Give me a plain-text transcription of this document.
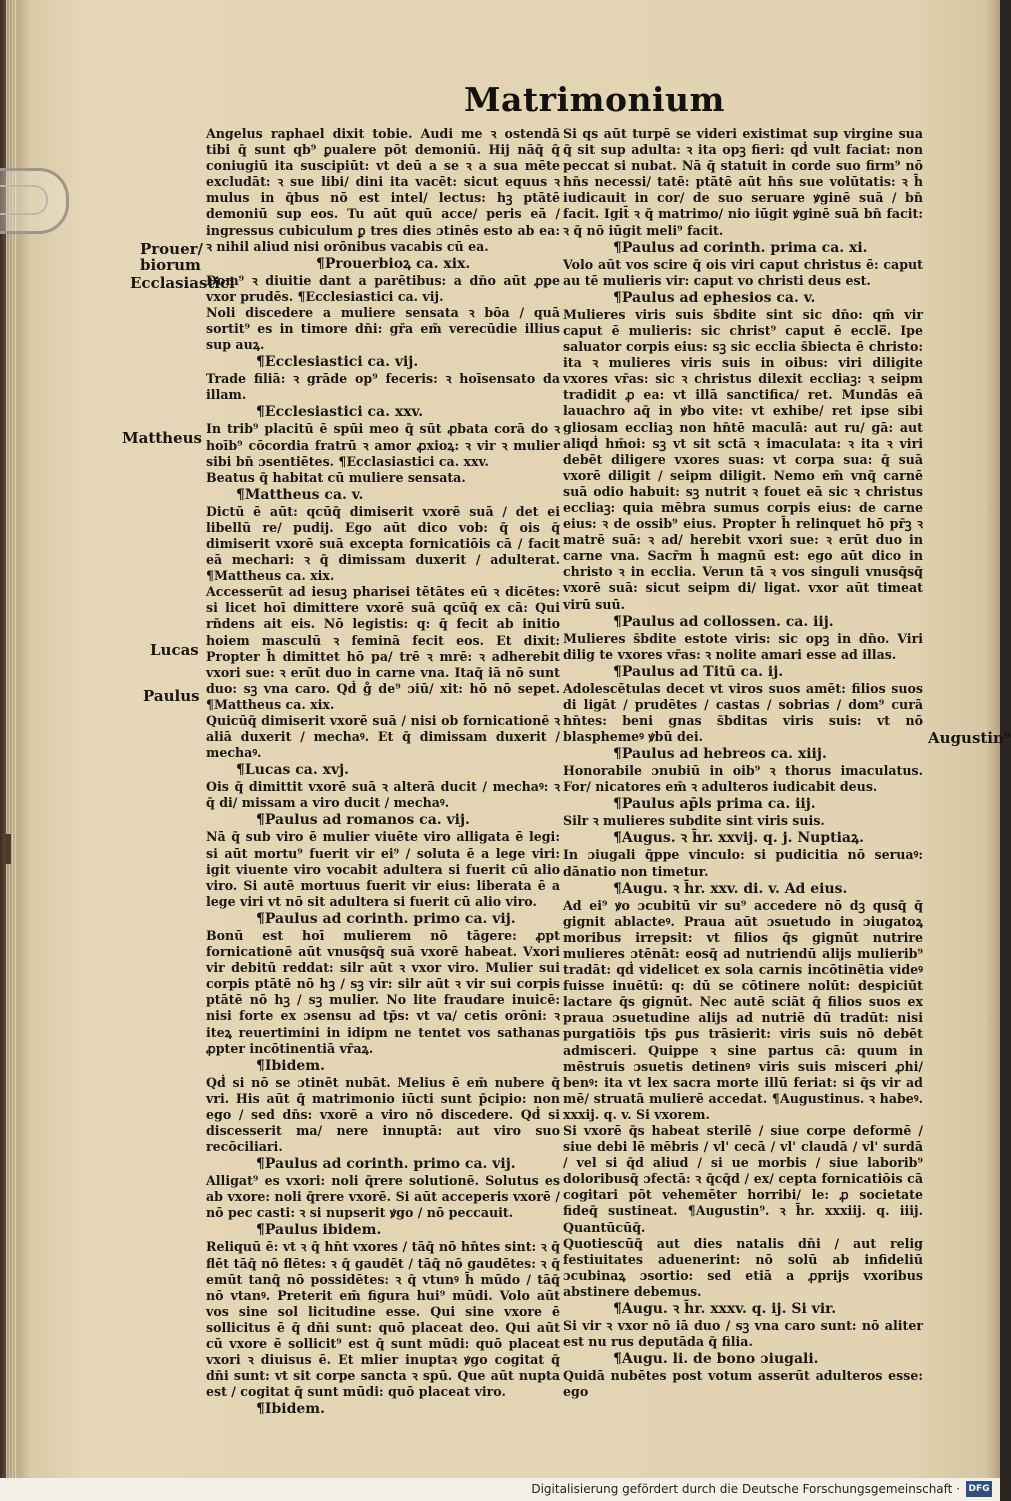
Matrimonium
Prouer/
biorum
Ecclasiastici
Mattheus
Lucas
Paulus
Augustin⁹

Angelus raphael dixit tobie. Audi me ꝛ ostendā tibi q̄ sunt qb⁹ ꝑualere pōt demoniū. Hij nāq̄ q̄ coniugiū ita suscipiūt: vt deū a se ꝛ a sua mēte excludāt: ꝛ sue libi/ dini ita vacēt: sicut equus ꝛ mulus in q̄bus nō est intel/ lectus: hꝫ ptātē demoniū sup eos. Tu aūt quū acce/ peris eā / ingressus cubiculum ꝑ tres dies ɔtinēs esto ab ea: ꝛ nihil aliud nisi orōnibus vacabis cū ea.

¶Prouerbioꝝ ca. xix.

Dom⁹ ꝛ diuitie dant a parētibus: a dn̄o aūt ꝓpe vxor prudēs. ¶Ecclesiastici ca. vij.

Noli discedere a muliere sensata ꝛ bōa / quā sortit⁹ es in timore dn̄i: gr̄a em̄ verecūdie illius sup auꝝ.

¶Ecclesiastici ca. vij.

Trade filiā: ꝛ grāde op⁹ feceris: ꝛ hoīsensato da illam.

¶Ecclesiastici ca. xxv.

In trib⁹ placitū ē spūi meo q̄ sūt ꝓbata corā do ꝛ hoīb⁹ cōcordia fratrū ꝛ amor ꝓxioꝝ: ꝛ vir ꝛ mulier sibi bn̄ ɔsentiētes. ¶Ecclasiastici ca. xxv.

Beatus q̄ habitat cū muliere sensata.

¶Mattheus ca. v.

Dictū ē aūt: qcūq̄ dimiserit vxorē suā / det ei libellū re/ pudij. Ego aūt dico vob: q̄ ois q̄ dimiserit vxorē suā excepta fornicatiōis cā / facit eā mechari: ꝛ q̄ dimissam duxerit / adulterat. ¶Mattheus ca. xix.

Accesserūt ad iesuꝫ pharisei tētātes eū ꝛ dicētes: si licet hoī dimittere vxorē suā qcūq̄ ex cā: Qui rn̄dens ait eis. Nō legistis: q: q̄ fecit ab initio hoiem masculū ꝛ feminā fecit eos. Et dixit: Propter h̄ dimittet hō pa/ trē ꝛ mrē: ꝛ adherebit vxori sue: ꝛ erūt duo in carne vna. Itaq̄ iā nō sunt duo: sꝫ vna caro. Qḋ g̊ de⁹ ɔiū/ xit: hō nō sepet. ¶Mattheus ca. xix.

Quicūq̄ dimiserit vxorē suā / nisi ob fornicationē ꝛ aliā duxerit / mechaꝰ. Et q̄ dimissam duxerit / mechaꝰ.

¶Lucas ca. xvj.

Ois q̄ dimittit vxorē suā ꝛ alterā ducit / mechaꝰ: ꝛ q̄ di/ missam a viro ducit / mechaꝰ.

¶Paulus ad romanos ca. vij.

Nā q̄ sub viro ē mulier viuēte viro alligata ē legi: si aūt mortu⁹ fuerit vir ei⁹ / soluta ē a lege viri: igit viuente viro vocabit adultera si fuerit cū alio viro. Si autē mortuus fuerit vir eius: liberata ē a lege viri vt nō sit adultera si fuerit cū alio viro.

¶Paulus ad corinth. primo ca. vij.

Bonū est hoī mulierem nō tāgere: ꝓpt fornicationē aūt vnusq̄sq̄ suā vxorē habeat. Vxori vir debitū reddat: silr aūt ꝛ vxor viro. Mulier sui corpis ptātē nō hꝫ / sꝫ vir: silr aūt ꝛ vir sui corpis ptātē nō hꝫ / sꝫ mulier. No lite fraudare inuicē: nisi forte ex ɔsensu ad tp̄s: vt va/ cetis orōni: ꝛ iteꝝ reuertimini in idipm ne tentet vos sathanas ꝓpter incōtinentiā vr̄aꝝ.

¶Ibidem.

Qḋ si nō se ɔtinēt nubāt. Melius ē em̄ nubere q̄ vri. His aūt q̄ matrimonio iūcti sunt p̄cipio: non ego / sed dn̄s: vxorē a viro nō discedere. Qḋ si discesserit ma/ nere innuptā: aut viro suo recōciliari.

¶Paulus ad corinth. primo ca. vij.

Alligat⁹ es vxori: noli q̄rere solutionē. Solutus es ab vxore: noli q̄rere vxorē. Si aūt acceperis vxorē / nō pec casti: ꝛ si nupserit ꝟgo / nō peccauit.

¶Paulus ibidem.

Reliquū ē: vt ꝛ q̄ hn̄t vxores / tāq̄ nō hn̄tes sint: ꝛ q̄ flēt tāq̄ nō flētes: ꝛ q̄ gaudēt / tāq̄ nō gaudētes: ꝛ q̄ emūt tanq̄ nō possidētes: ꝛ q̄ vtunꝰ h̄ mūdo / tāq̄ nō vtanꝰ. Preterit em̄ figura hui⁹ mūdi. Volo aūt vos sine sol licitudine esse. Qui sine vxore ē sollicitus ē q̄ dn̄i sunt: quō placeat deo. Qui aūt cū vxore ē sollicit⁹ est q̄ sunt mūdi: quō placeat vxori ꝛ diuisus ē. Et mlier inuptaꝛ ꝟgo cogitat q̄ dn̄i sunt: vt sit corpe sancta ꝛ spū. Que aūt nupta est / cogitat q̄ sunt mūdi: quō placeat viro.

¶Ibidem.

Si qs aūt turpē se videri existimat sup virgine sua q̄ sit sup adulta: ꝛ ita opꝫ fieri: qḋ vult faciat: non peccat si nubat. Nā q̄ statuit in corde suo firm⁹ nō hn̄s necessi/ tatē: ptātē aūt hn̄s sue volūtatis: ꝛ h̄ iudicauit in cor/ de suo seruare ꝟginē suā / bn̄ facit. Igit̄ ꝛ q̄ matrimo/ nio iūgit ꝟginē suā bn̄ facit: ꝛ q̄ nō iūgit meli⁹ facit.

¶Paulus ad corinth. prima ca. xi.

Volo aūt vos scire q̄ ois viri caput christus ē: caput au tē mulieris vir: caput vo christi deus est.

¶Paulus ad ephesios ca. v.

Mulieres viris suis s̄bdite sint sic dn̄o: qm̄ vir caput ē mulieris: sic christ⁹ caput ē eccle̅. Ipe saluator corpis eius: sꝫ sic ecclia s̄biecta ē christo: ita ꝛ mulieres viris suis in oibus: viri diligite vxores vr̄as: sic ꝛ christus dilexit eccliaꝫ: ꝛ seipm tradidit ꝓ ea: vt illā sanctifica/ ret. Mundās eā lauachro aq̄ in ꝟbo vite: vt exhibe/ ret ipse sibi gliosam eccliaꝫ non hn̄tē maculā: aut ru/ gā: aut aliqḋ hm̄oi: sꝫ vt sit sctā ꝛ imaculata: ꝛ ita ꝛ viri debēt diligere vxores suas: vt corpa sua: q̄ suā vxorē diligit / seipm diligit. Nemo em̄ vnq̄ carnē suā odio habuit: sꝫ nutrit ꝛ fouet eā sic ꝛ christus eccliaꝫ: quia mēbra sumus corpis eius: de carne eius: ꝛ de ossib⁹ eius. Propter h̄ relinquet hō pr̄ꝫ ꝛ matrē suā: ꝛ ad/ herebit vxori sue: ꝛ erūt duo in carne vna. Sacr̄m h̄ magnū est: ego aūt dico in christo ꝛ in ecclia. Verun tā ꝛ vos singuli vnusq̄sq̄ vxorē suā: sicut seipm di/ ligat. vxor aūt timeat virū suū.

¶Paulus ad collossen. ca. iij.

Mulieres s̄bdite estote viris: sic opꝫ in dn̄o. Viri dilig te vxores vr̄as: ꝛ nolite amari esse ad illas.

¶Paulus ad Titū ca. ij.

Adolescētulas decet vt viros suos amēt: filios suos di ligāt / prudētes / castas / sobrias / dom⁹ curā hn̄tes: beni gnas s̄bditas viris suis: vt nō blasphemeꝰ ꝟbū dei.

¶Paulus ad hebreos ca. xiij.

Honorabile ɔnubiū in oib⁹ ꝛ thorus imaculatus. For/ nicatores em̄ ꝛ adulteros iudicabit deus.

¶Paulus ap̄ls prima ca. iij.

Silr ꝛ mulieres subdite sint viris suis.

¶Augus. ꝛ h̄r. xxvij. q. j. Nuptiaꝝ.

In ɔiugali q̄ppe vinculo: si pudicitia nō seruaꝰ: dānatio non timetur.

¶Augu. ꝛ h̄r. xxv. di. v. Ad eius.

Ad ei⁹ ꝟo ɔcubitū vir su⁹ accedere nō dꝫ qusq̄ q̄ gignit ablacteꝰ. Praua aūt ɔsuetudo in ɔiugatoꝝ moribus irrepsit: vt filios q̄s gignūt nutrire mulieres ɔtēnāt: eosq̄ ad nutriendū alijs mulierib⁹ tradāt: qḋ videlicet ex sola carnis incōtinētia videꝰ fuisse inuētū: q: dū se cōtinere nolūt: despiciūt lactare q̄s gignūt. Nec autē sciāt q̄ filios suos ex praua ɔsuetudine alijs ad nutriē dū tradūt: nisi purgatiōis tp̄s ꝑus trāsierit: viris suis nō debēt admisceri. Quippe ꝛ sine partus cā: quum in mēstruis ɔsuetis detinenꝰ viris suis misceri ꝓhi/ benꝰ: ita vt lex sacra morte illū feriat: si q̄s vir ad mē/ struatā mulierē accedat. ¶Augustinus. ꝛ habeꝰ. xxxij. q. v. Si vxorem.

Si vxorē q̄s habeat sterilē / siue corpe deformē / siue debi lē mēbris / vl' cecā / vl' claudā / vl' surdā / vel si q̄d aliud / si ue morbis / siue laborib⁹ doloribusq̄ ɔfectā: ꝛ q̄cq̄d / ex/ cepta fornicatiōis cā cogitari pōt vehemēter horribi/ le: ꝓ societate fideq̄ sustineat. ¶Augustin⁹. ꝛ h̄r. xxxiij. q. iiij. Quantūcūq̄.

Quotiescūq̄ aut dies natalis dn̄i / aut relig festiuitates aduenerint: nō solū ab infideliū ɔcubinaꝝ ɔsortio: sed etiā a ꝓprijs vxoribus abstinere debemus.

¶Augu. ꝛ h̄r. xxxv. q. ij. Si vir.

Si vir ꝛ vxor nō iā duo / sꝫ vna caro sunt: nō aliter est nu rus deputāda q̄ filia.

¶Augu. li. de bono ɔiugali.

Quidā nubētes post votum asserūt adulteros esse: ego

Digitalisierung gefördert durch die Deutsche Forschungsgemeinschaft · DFG
